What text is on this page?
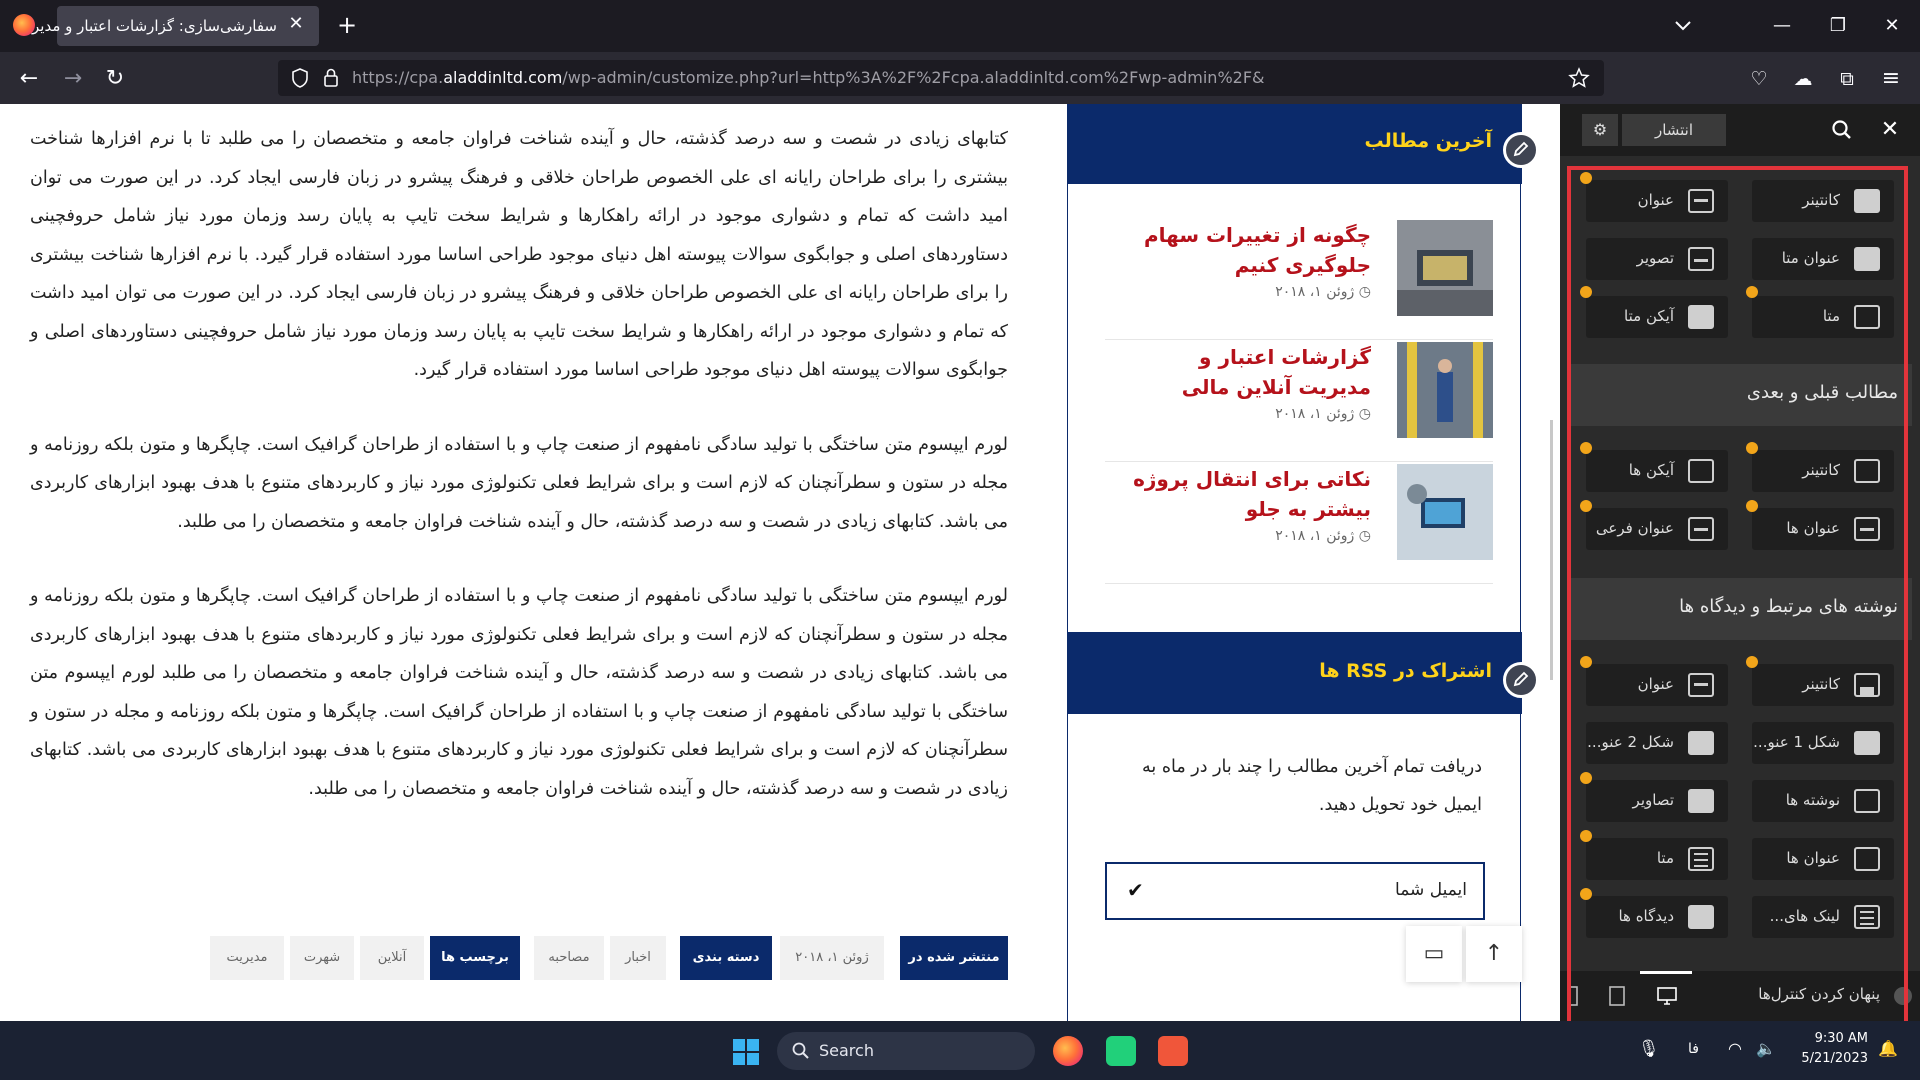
سفارشی‌سازی: گزارشات اعتبار و مدیر ✕ +	—	❐	✕
← → ↻	♡	☁	⧉	≡
https://cpa.aladdinltd.com/wp-admin/customize.php?url=http%3A%2F%2Fcpa.aladdinltd.com%2Fwp-admin%2F&

کتابهای زیادی در شصت و سه درصد گذشته، حال و آینده شناخت فراوان جامعه و متخصصان را می طلبد تا با نرم افزارها شناخت بیشتری را برای طراحان رایانه ای علی الخصوص طراحان خلاقی و فرهنگ پیشرو در زبان فارسی ایجاد کرد. در این صورت می توان امید داشت که تمام و دشواری موجود در ارائه راهکارها و شرایط سخت تایپ به پایان رسد وزمان مورد نیاز شامل حروفچینی دستاوردهای اصلی و جوابگوی سوالات پیوسته اهل دنیای موجود طراحی اساسا مورد استفاده قرار گیرد. با نرم افزارها شناخت بیشتری را برای طراحان رایانه ای علی الخصوص طراحان خلاقی و فرهنگ پیشرو در زبان فارسی ایجاد کرد. در این صورت می توان امید داشت که تمام و دشواری موجود در ارائه راهکارها و شرایط سخت تایپ به پایان رسد وزمان مورد نیاز شامل حروفچینی دستاوردهای اصلی و جوابگوی سوالات پیوسته اهل دنیای موجود طراحی اساسا مورد استفاده قرار گیرد.

لورم ایپسوم متن ساختگی با تولید سادگی نامفهوم از صنعت چاپ و با استفاده از طراحان گرافیک است. چاپگرها و متون بلکه روزنامه و مجله در ستون و سطرآنچنان که لازم است و برای شرایط فعلی تکنولوژی مورد نیاز و کاربردهای متنوع با هدف بهبود ابزارهای کاربردی می باشد. کتابهای زیادی در شصت و سه درصد گذشته، حال و آینده شناخت فراوان جامعه و متخصصان را می طلبد.

لورم ایپسوم متن ساختگی با تولید سادگی نامفهوم از صنعت چاپ و با استفاده از طراحان گرافیک است. چاپگرها و متون بلکه روزنامه و مجله در ستون و سطرآنچنان که لازم است و برای شرایط فعلی تکنولوژی مورد نیاز و کاربردهای متنوع با هدف بهبود ابزارهای کاربردی می باشد. کتابهای زیادی در شصت و سه درصد گذشته، حال و آینده شناخت فراوان جامعه و متخصصان را می طلبد لورم ایپسوم متن ساختگی با تولید سادگی نامفهوم از صنعت چاپ و با استفاده از طراحان گرافیک است. چاپگرها و متون بلکه روزنامه و مجله در ستون و سطرآنچنان که لازم است و برای شرایط فعلی تکنولوژی مورد نیاز و کاربردهای متنوع با هدف بهبود ابزارهای کاربردی می باشد. کتابهای زیادی در شصت و سه درصد گذشته، حال و آینده شناخت فراوان جامعه و متخصصان را می طلبد.

منتشر شده در
ژوئن ۱، ۲۰۱۸
دسته بندی
اخبار
مصاحبه
برچسب ها
آنلاین
شهرت
مدیریت
آخرین مطالب
چگونه از تغییرات سهام جلوگیری کنیم
◷ ژوئن ۱، ۲۰۱۸
گزارشات اعتبار و مدیریت آنلاین مالی
◷ ژوئن ۱، ۲۰۱۸
نکاتی برای انتقال پروژه بیشتر به جلو
◷ ژوئن ۱، ۲۰۱۸
اشتراک در RSS ها
دریافت تمام آخرین مطالب را چند بار در ماه به ایمیل خود تحویل دهید.
ایمیل شما
✔
▭	↑
✕
انتشار
⚙
کانتینر
عنوان
عنوان متا
تصویر
متا
آیکن متا
مطالب قبلی و بعدی
کانتینر
آیکن ها
عنوان ها
عنوان فرعی
نوشته های مرتبط و دیدگاه ها
کانتینر
عنوان
شکل 1 عنو...
شکل 2 عنو...
نوشته ها
تصاویر
عنوان ها
متا
لینک های...
دیدگاه ها
پنهان کردن کنترل‌ها
Search	🎙 فا ◠ 🔈
9:30 AM
5/21/2023
🔔
